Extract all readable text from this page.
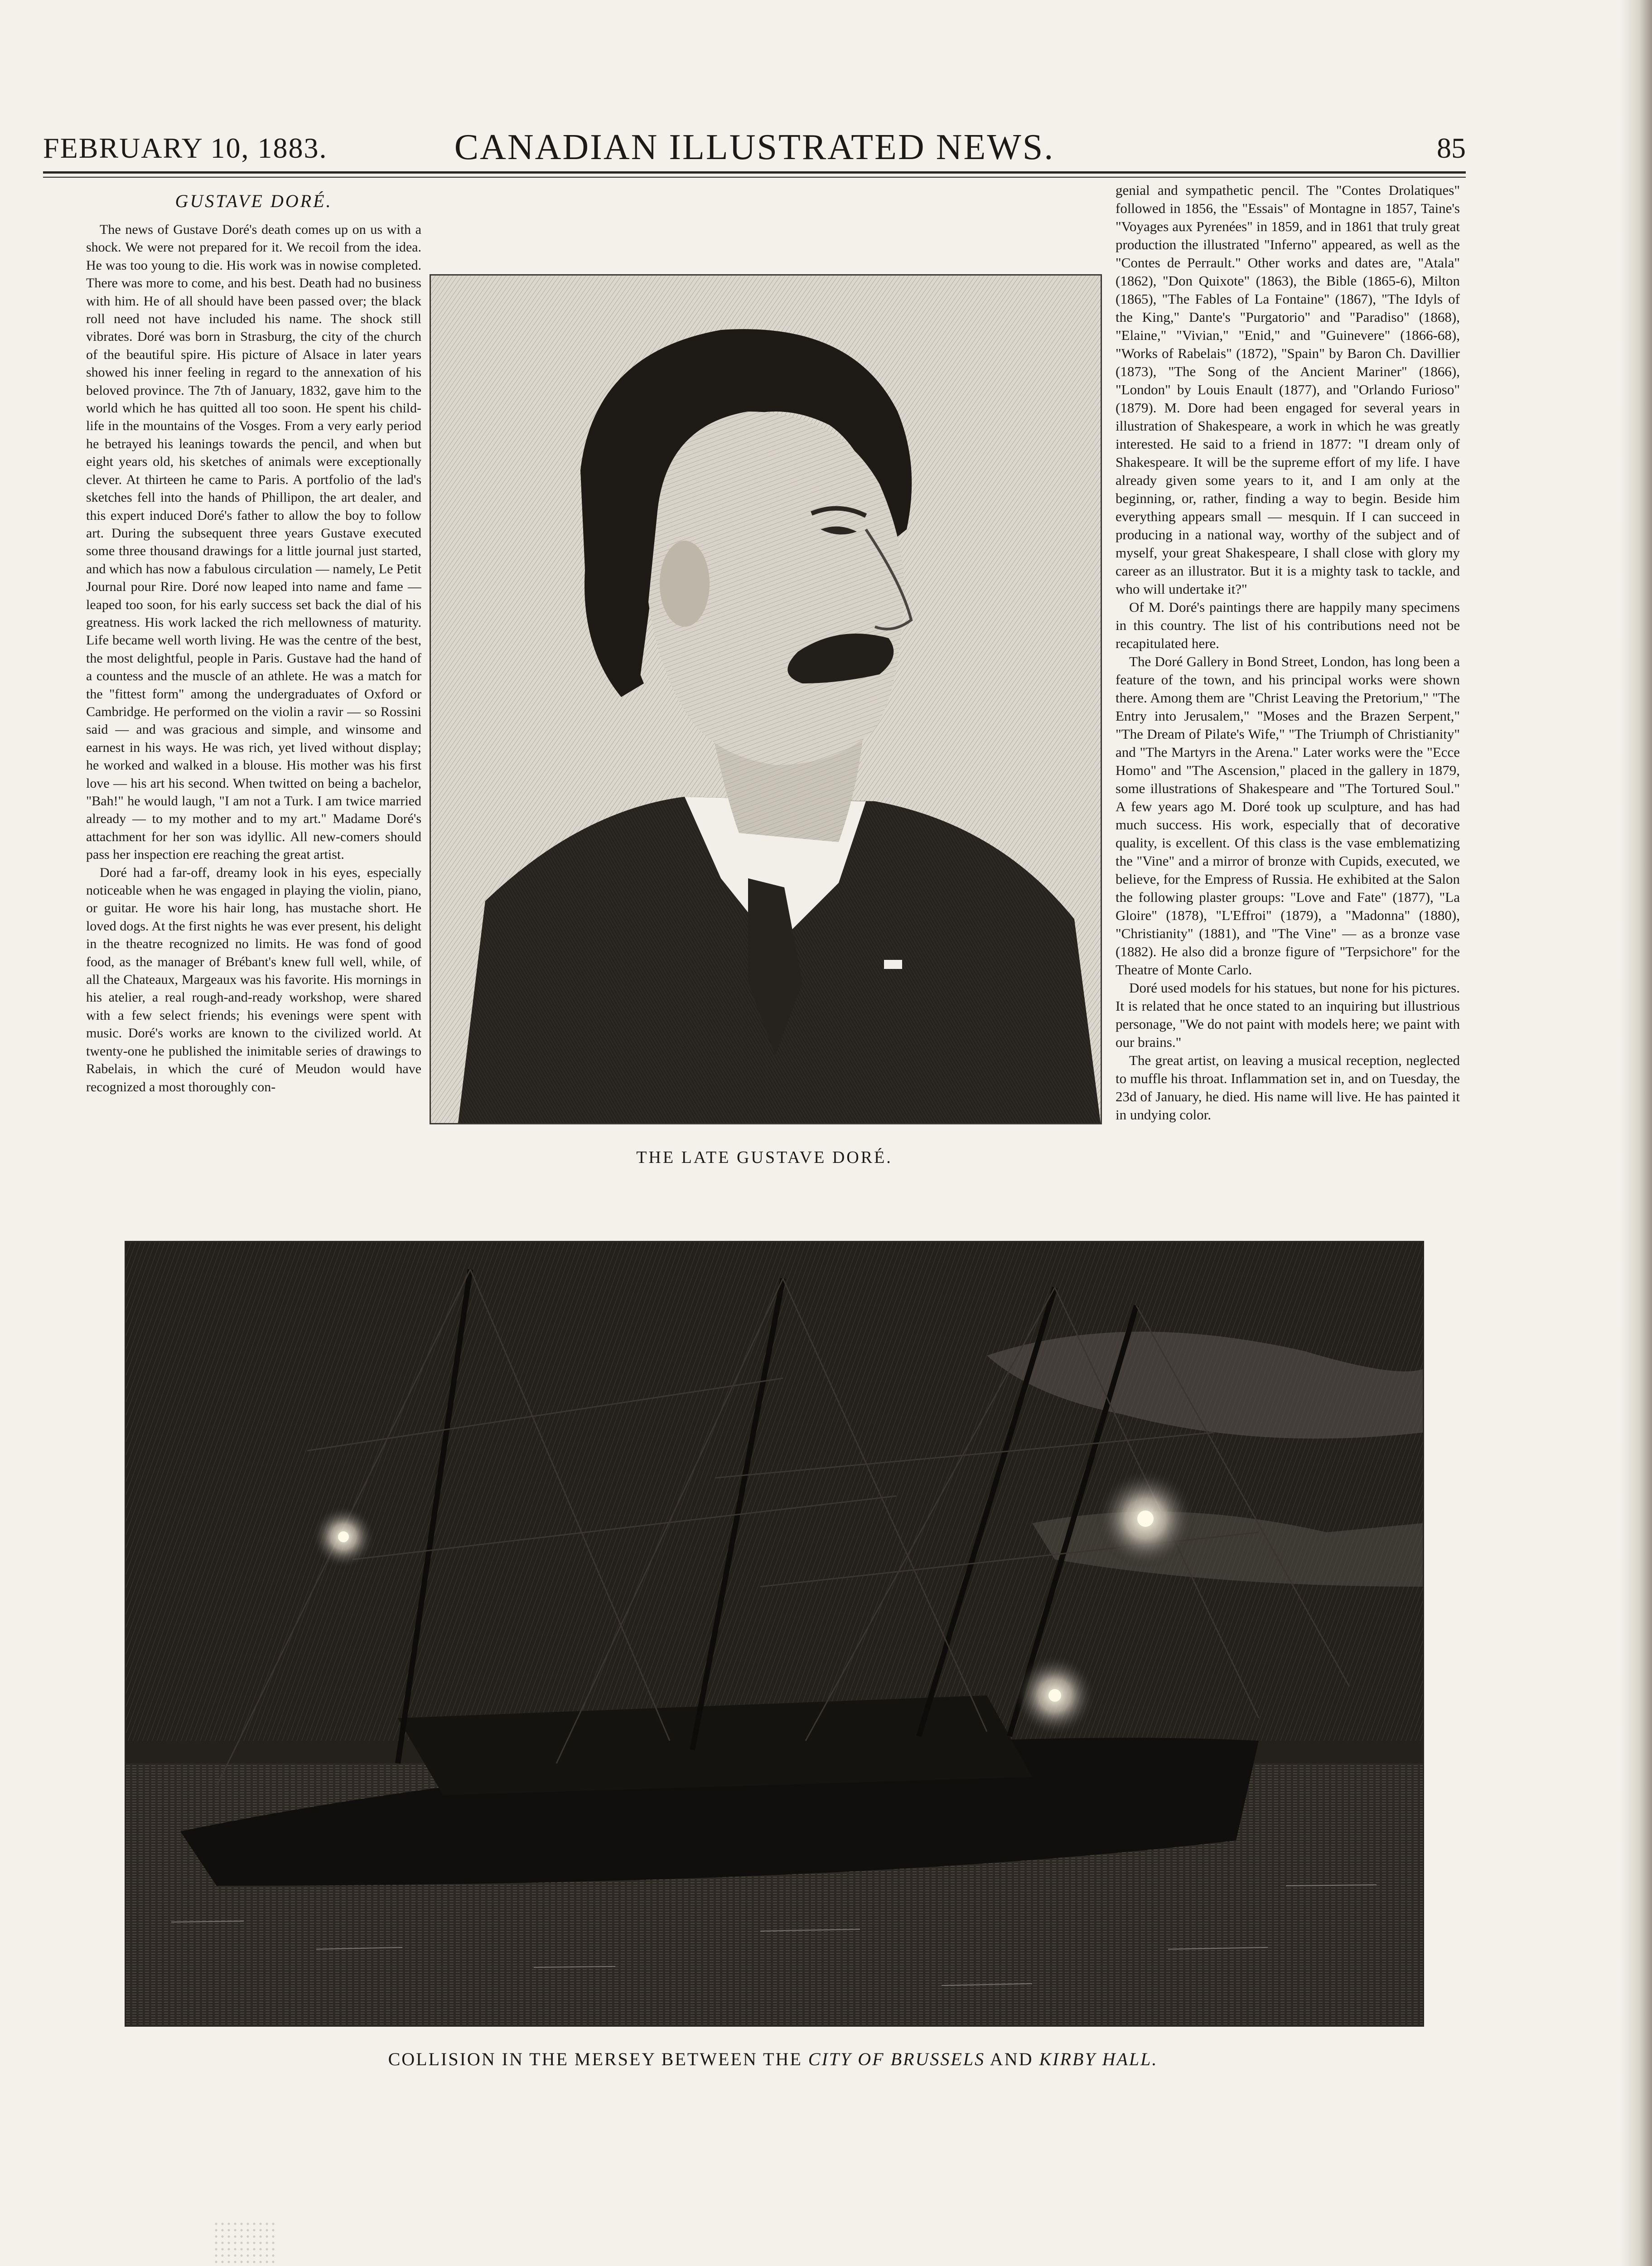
FEBRUARY 10, 1883.	CANADIAN ILLUSTRATED NEWS.	85
GUSTAVE DORÉ.

The news of Gustave Doré's death comes up on us with a shock. We were not prepared for it. We recoil from the idea. He was too young to die. His work was in nowise completed. There was more to come, and his best. Death had no business with him. He of all should have been passed over; the black roll need not have included his name. The shock still vibrates. Doré was born in Strasburg, the city of the church of the beautiful spire. His picture of Alsace in later years showed his inner feeling in regard to the annexation of his beloved province. The 7th of January, 1832, gave him to the world which he has quitted all too soon. He spent his child-life in the mountains of the Vosges. From a very early period he betrayed his leanings towards the pencil, and when but eight years old, his sketches of animals were exceptionally clever. At thirteen he came to Paris. A portfolio of the lad's sketches fell into the hands of Phillipon, the art dealer, and this expert induced Doré's father to allow the boy to follow art. During the subsequent three years Gustave executed some three thousand drawings for a little journal just started, and which has now a fabulous circulation — namely, Le Petit Journal pour Rire. Doré now leaped into name and fame — leaped too soon, for his early success set back the dial of his greatness. His work lacked the rich mellowness of maturity. Life became well worth living. He was the centre of the best, the most delightful, people in Paris. Gustave had the hand of a countess and the muscle of an athlete. He was a match for the "fittest form" among the undergraduates of Oxford or Cambridge. He performed on the violin a ravir — so Rossini said — and was gracious and simple, and winsome and earnest in his ways. He was rich, yet lived without display; he worked and walked in a blouse. His mother was his first love — his art his second. When twitted on being a bachelor, "Bah!" he would laugh, "I am not a Turk. I am twice married already — to my mother and to my art." Madame Doré's attachment for her son was idyllic. All new-comers should pass her inspection ere reaching the great artist.

Doré had a far-off, dreamy look in his eyes, especially noticeable when he was engaged in playing the violin, piano, or guitar. He wore his hair long, has mustache short. He loved dogs. At the first nights he was ever present, his delight in the theatre recognized no limits. He was fond of good food, as the manager of Brébant's knew full well, while, of all the Chateaux, Margeaux was his favorite. His mornings in his atelier, a real rough-and-ready workshop, were shared with a few select friends; his evenings were spent with music. Doré's works are known to the civilized world. At twenty-one he published the inimitable series of drawings to Rabelais, in which the curé of Meudon would have recognized a most thoroughly con-

THE LATE GUSTAVE DORÉ.

genial and sympathetic pencil. The "Contes Drolatiques" followed in 1856, the "Essais" of Montagne in 1857, Taine's "Voyages aux Pyrenées" in 1859, and in 1861 that truly great production the illustrated "Inferno" appeared, as well as the "Contes de Perrault." Other works and dates are, "Atala" (1862), "Don Quixote" (1863), the Bible (1865-6), Milton (1865), "The Fables of La Fontaine" (1867), "The Idyls of the King," Dante's "Purgatorio" and "Paradiso" (1868), "Elaine," "Vivian," "Enid," and "Guinevere" (1866-68), "Works of Rabelais" (1872), "Spain" by Baron Ch. Davillier (1873), "The Song of the Ancient Mariner" (1866), "London" by Louis Enault (1877), and "Orlando Furioso" (1879). M. Dore had been engaged for several years in illustration of Shakespeare, a work in which he was greatly interested. He said to a friend in 1877: "I dream only of Shakespeare. It will be the supreme effort of my life. I have already given some years to it, and I am only at the beginning, or, rather, finding a way to begin. Beside him everything appears small — mesquin. If I can succeed in producing in a national way, worthy of the subject and of myself, your great Shakespeare, I shall close with glory my career as an illustrator. But it is a mighty task to tackle, and who will undertake it?"

Of M. Doré's paintings there are happily many specimens in this country. The list of his contributions need not be recapitulated here.

The Doré Gallery in Bond Street, London, has long been a feature of the town, and his principal works were shown there. Among them are "Christ Leaving the Pretorium," "The Entry into Jerusalem," "Moses and the Brazen Serpent," "The Dream of Pilate's Wife," "The Triumph of Christianity" and "The Martyrs in the Arena." Later works were the "Ecce Homo" and "The Ascension," placed in the gallery in 1879, some illustrations of Shakespeare and "The Tortured Soul." A few years ago M. Doré took up sculpture, and has had much success. His work, especially that of decorative quality, is excellent. Of this class is the vase emblematizing the "Vine" and a mirror of bronze with Cupids, executed, we believe, for the Empress of Russia. He exhibited at the Salon the following plaster groups: "Love and Fate" (1877), "La Gloire" (1878), "L'Effroi" (1879), a "Madonna" (1880), "Christianity" (1881), and "The Vine" — as a bronze vase (1882). He also did a bronze figure of "Terpsichore" for the Theatre of Monte Carlo.

Doré used models for his statues, but none for his pictures. It is related that he once stated to an inquiring but illustrious personage, "We do not paint with models here; we paint with our brains."

The great artist, on leaving a musical reception, neglected to muffle his throat. Inflammation set in, and on Tuesday, the 23d of January, he died. His name will live. He has painted it in undying color.

COLLISION IN THE MERSEY BETWEEN THE CITY OF BRUSSELS AND KIRBY HALL.
